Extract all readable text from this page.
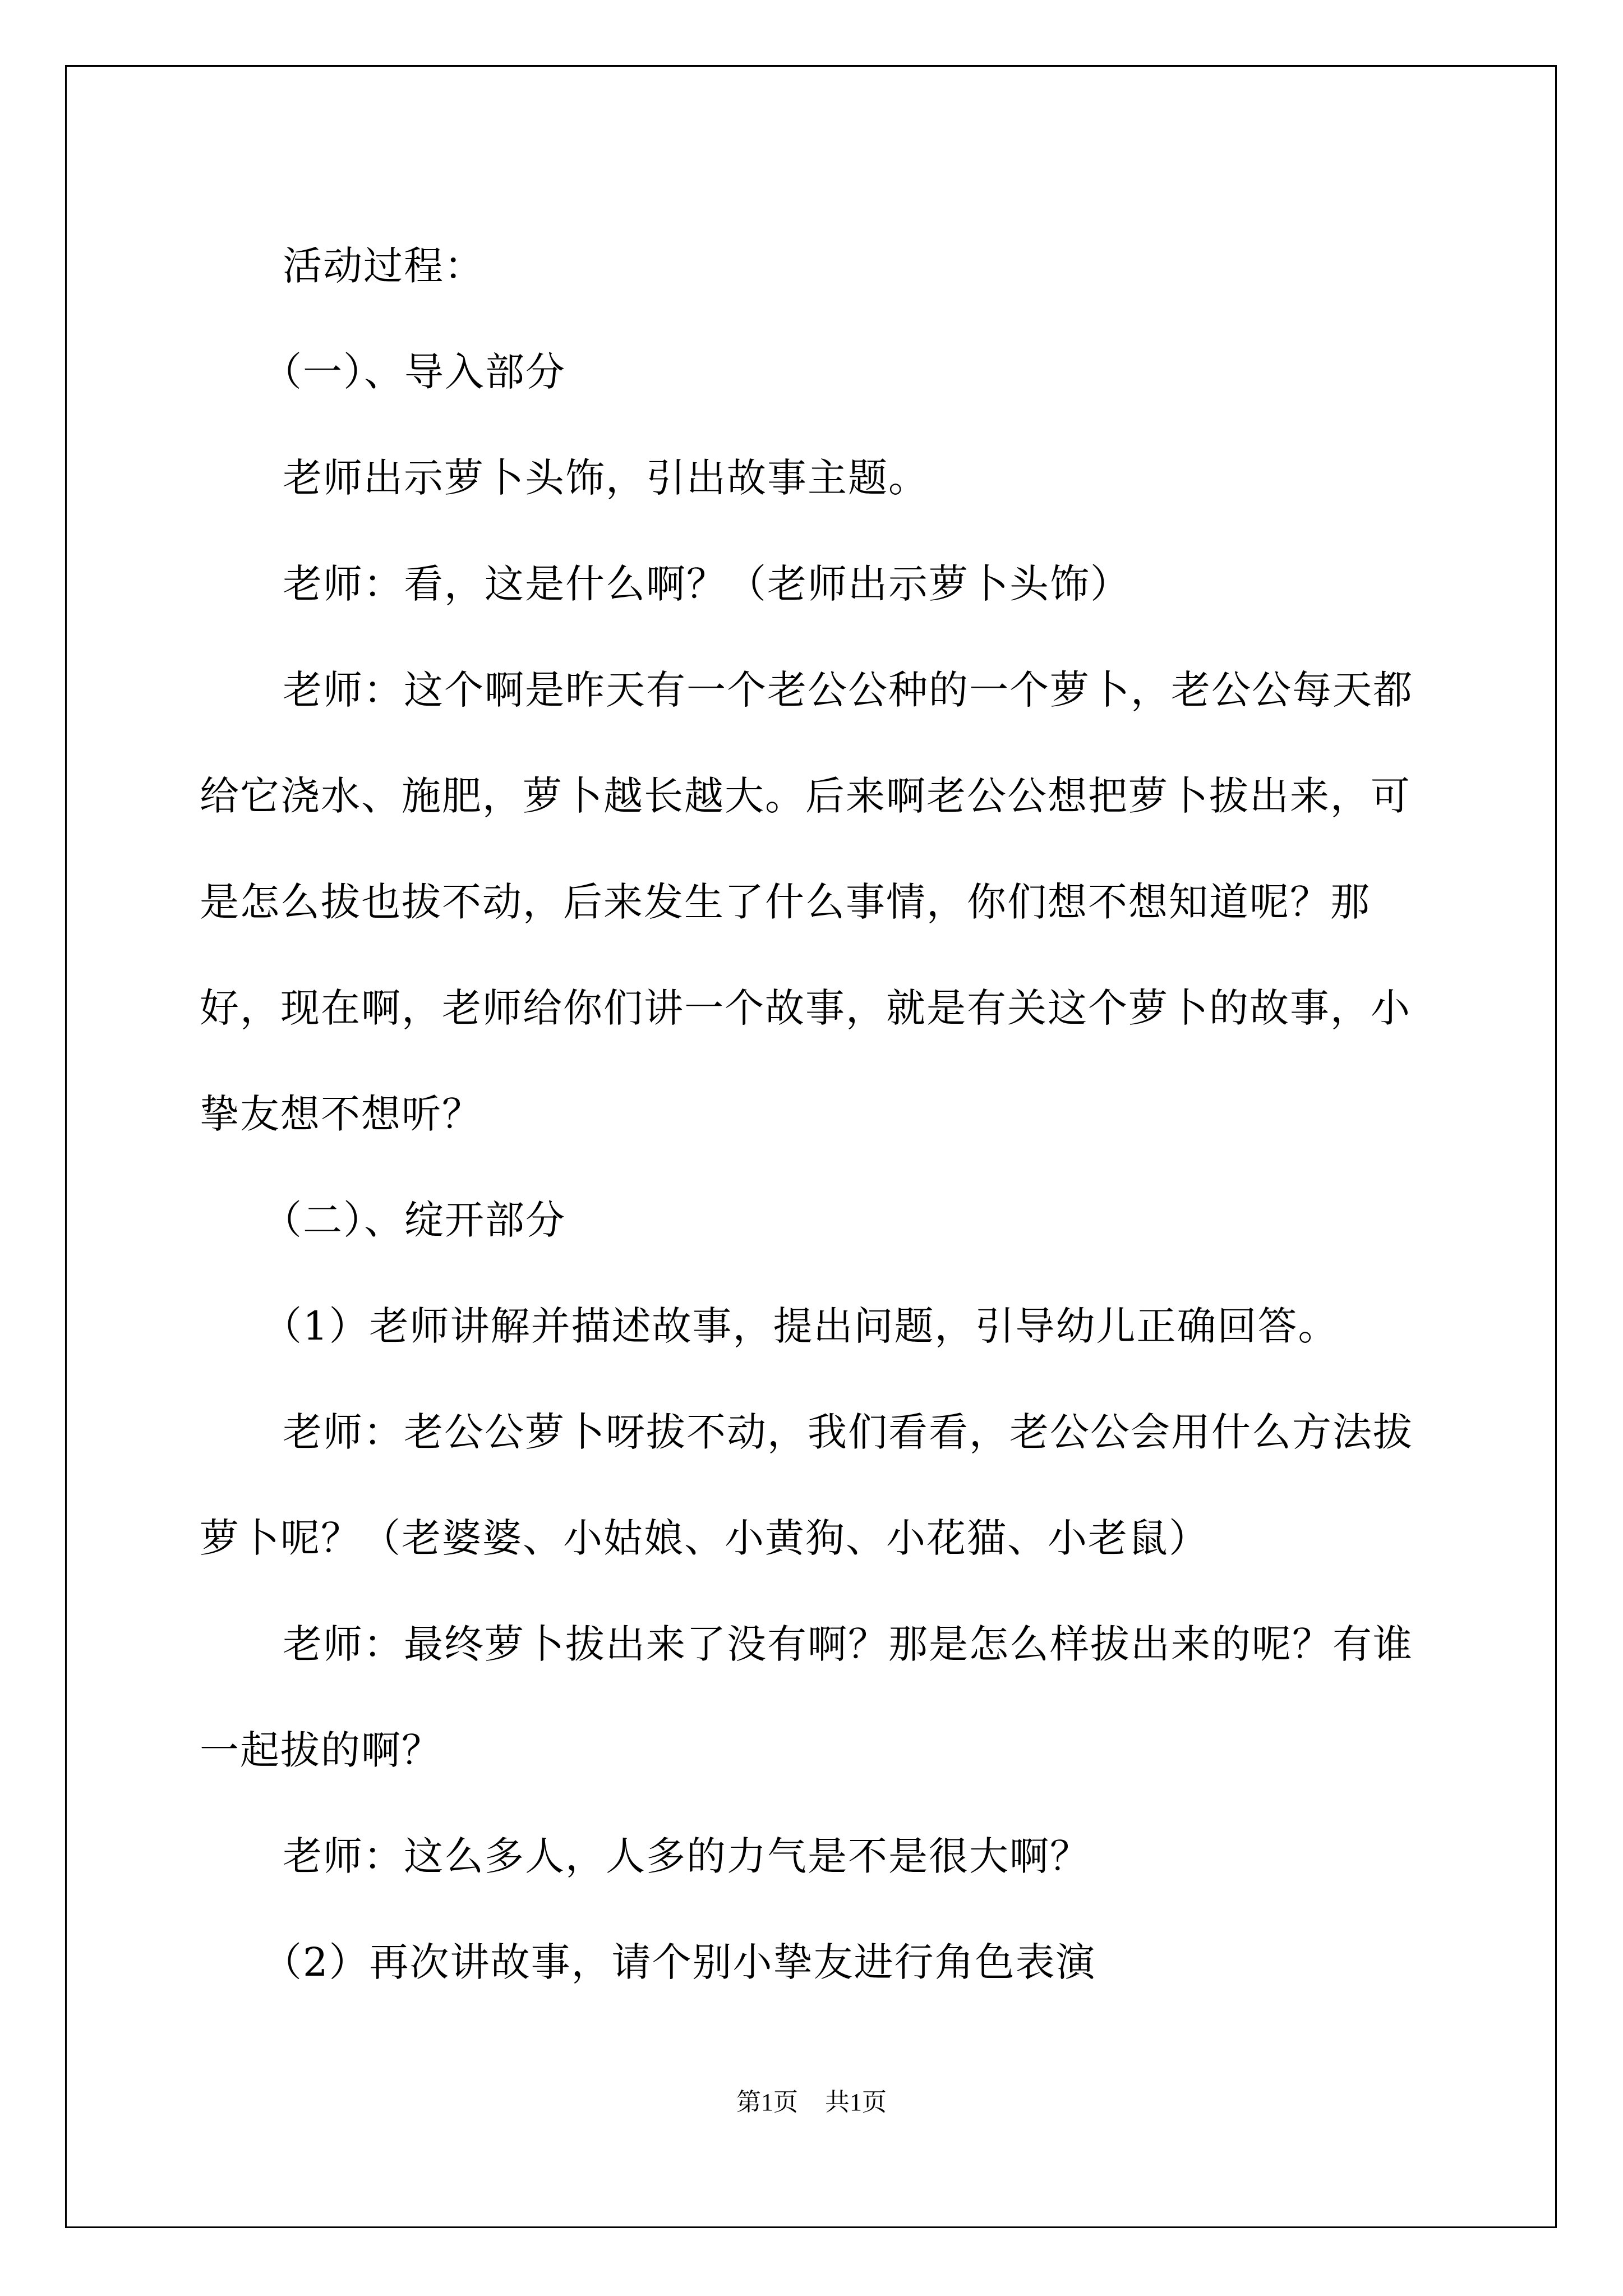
活动过程：

（一）、导入部分

老师出示萝卜头饰，引出故事主题。

老师：看，这是什么啊？（老师出示萝卜头饰）

老师：这个啊是昨天有一个老公公种的一个萝卜，老公公每天都给它浇水、施肥，萝卜越长越大。后来啊老公公想把萝卜拔出来，可是怎么拔也拔不动，后来发生了什么事情，你们想不想知道呢？那好，现在啊，老师给你们讲一个故事，就是有关这个萝卜的故事，小挚友想不想听？

（二）、绽开部分

（1）老师讲解并描述故事，提出问题，引导幼儿正确回答。

老师：老公公萝卜呀拔不动，我们看看，老公公会用什么方法拔萝卜呢？（老婆婆、小姑娘、小黄狗、小花猫、小老鼠）

老师：最终萝卜拔出来了没有啊？那是怎么样拔出来的呢？有谁一起拔的啊？

老师：这么多人，人多的力气是不是很大啊？

（2）再次讲故事，请个别小挚友进行角色表演

第1页 共1页
